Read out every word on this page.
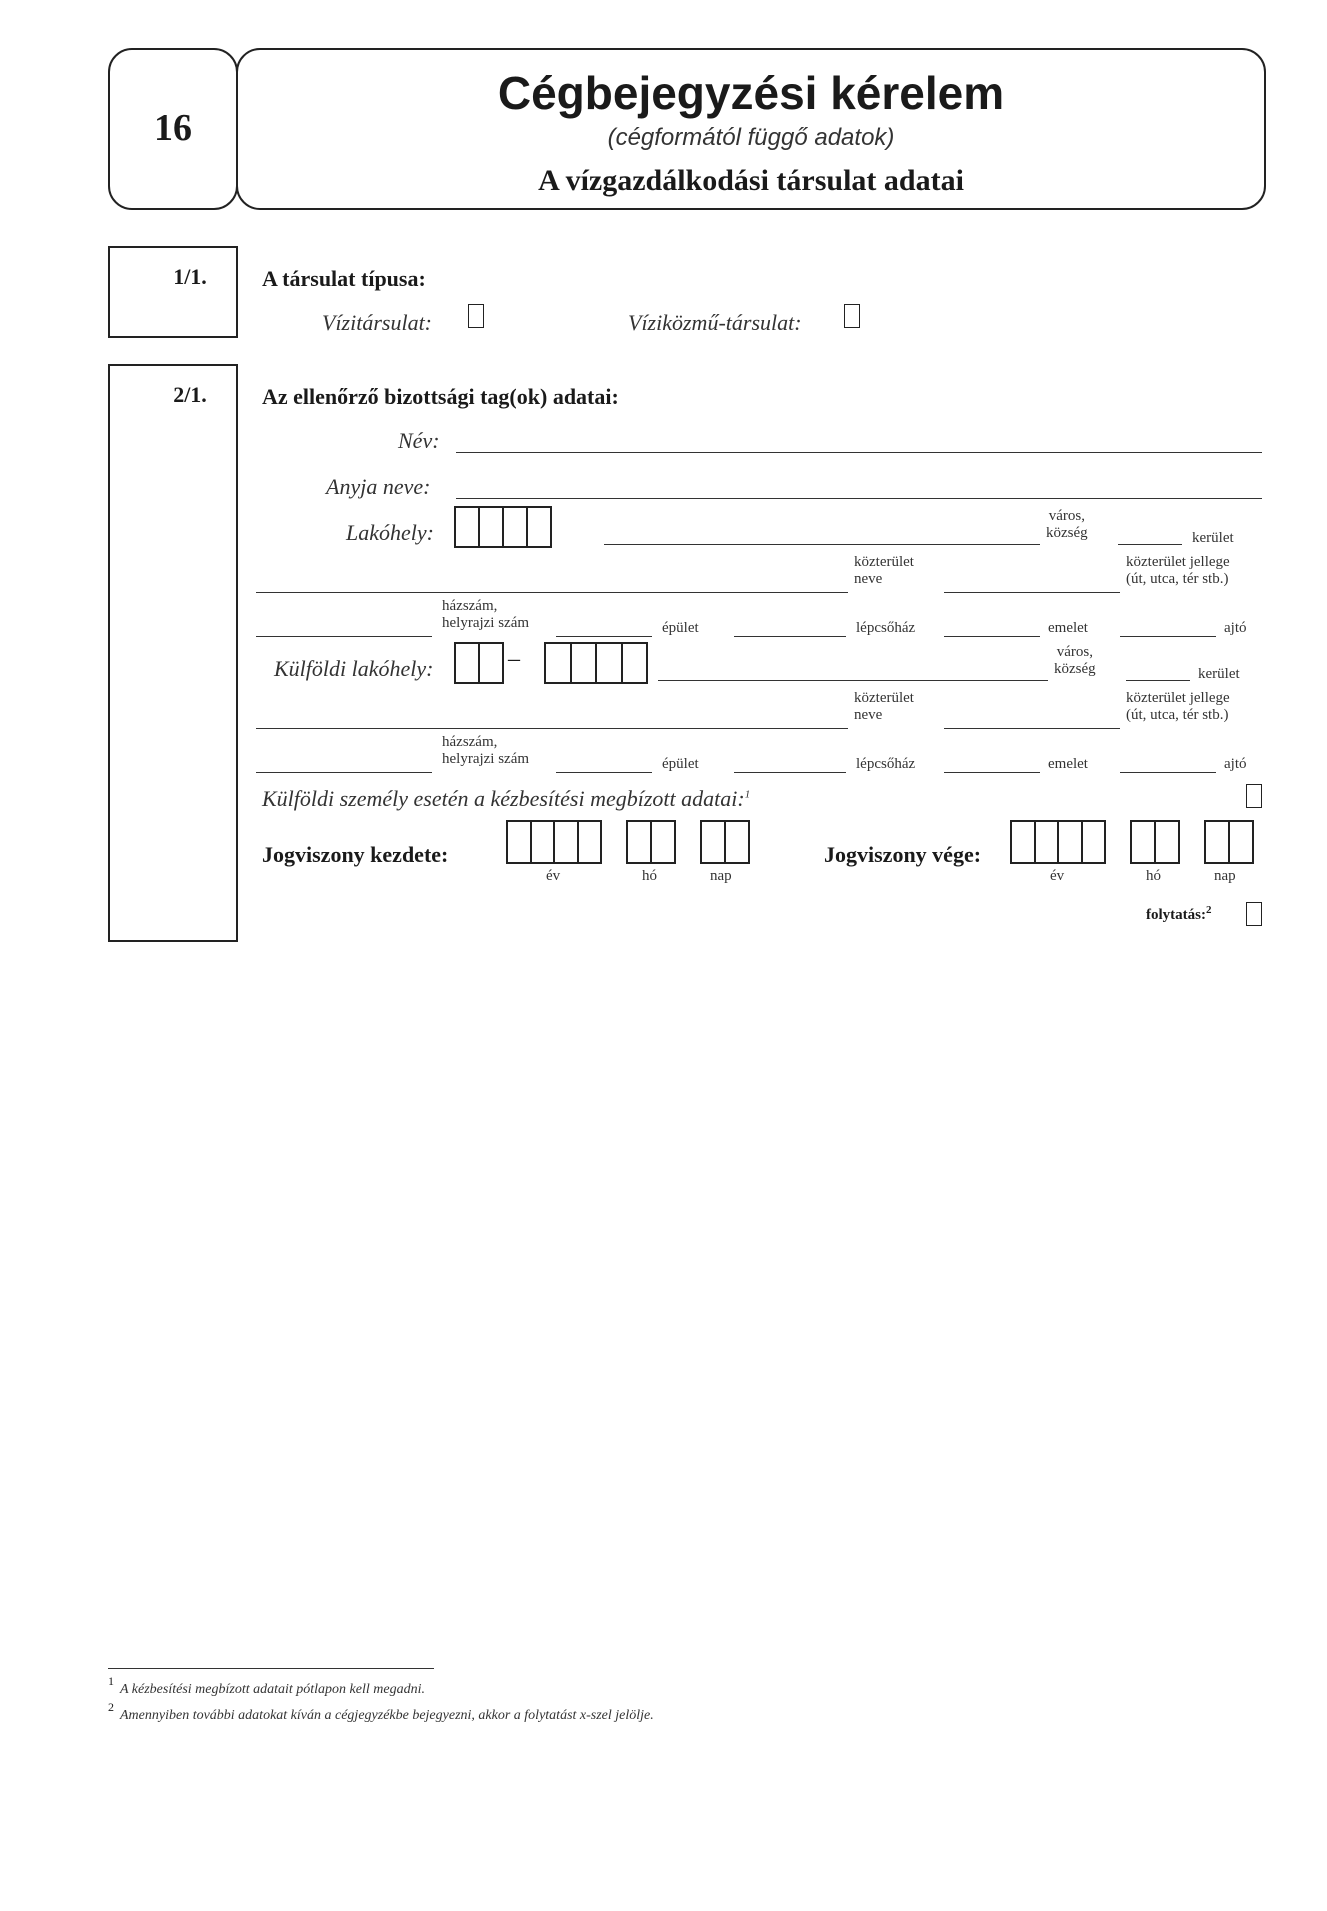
16
Cégbejegyzési kérelem
(cégformától függő adatok)
A vízgazdálkodási társulat adatai
1/1.	A társulat típusa:
Vízitársulat:	Víziközmű-társulat:
2/1.	Az ellenőrző bizottsági tag(ok) adatai:
Név:
Anyja neve:
Lakóhely:
város,
község	kerület
közterület
neve
közterület jellege
(út, utca, tér stb.)
házszám,
helyrajzi szám	épület	lépcsőház	emelet	ajtó
Külföldi lakóhely:	–	város,
község	kerület
közterület
neve
közterület jellege
(út, utca, tér stb.)
házszám,
helyrajzi szám	épület	lépcsőház	emelet	ajtó
Külföldi személy esetén a kézbesítési megbízott adatai:$^1$
Jogviszony kezdete:
év	hó	nap
Jogviszony vége:
év	hó	nap
folytatás:$^2$
1
A kézbesítési megbízott adatait pótlapon kell megadni.
2
Amennyiben további adatokat kíván a cégjegyzékbe bejegyezni, akkor a folytatást x-szel jelölje.
